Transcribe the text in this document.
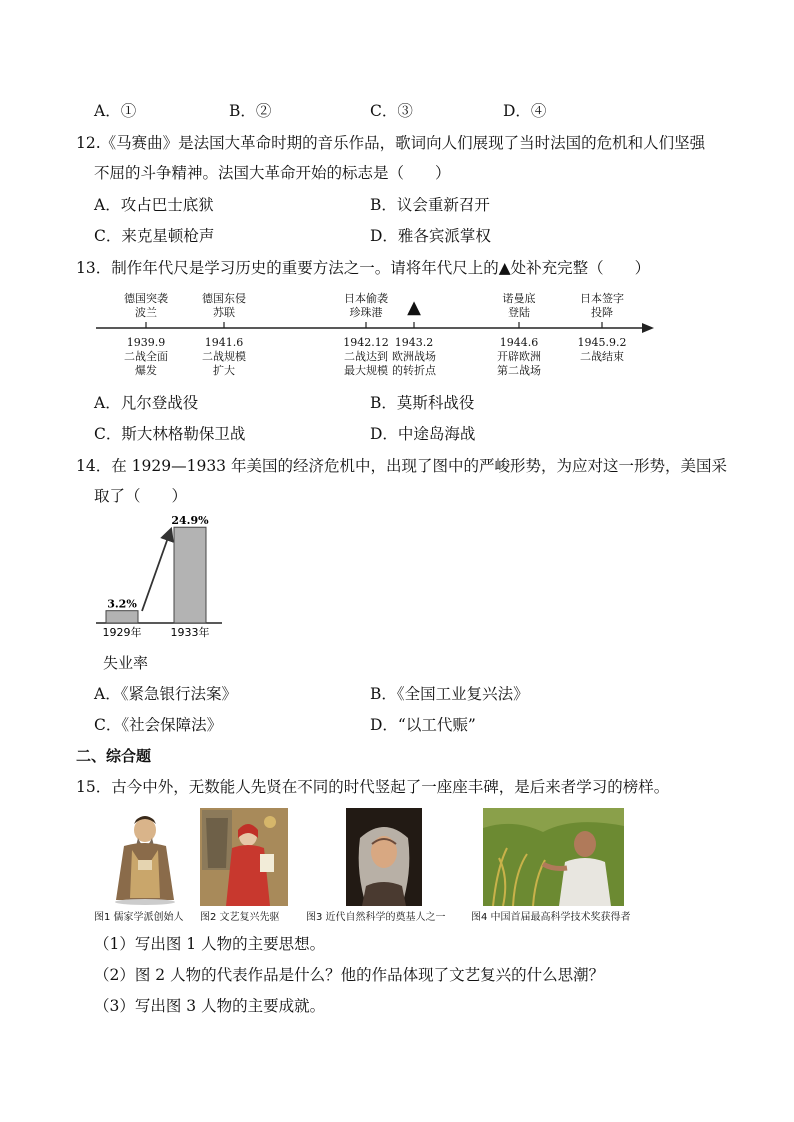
A．①	B．②	C．③	D．④
12.《马赛曲》是法国大革命时期的音乐作品，歌词向人们展现了当时法国的危机和人们坚强
不屈的斗争精神。法国大革命开始的标志是（　　）
A．攻占巴士底狱	B．议会重新召开
C．来克星顿枪声	D．雅各宾派掌权
13．制作年代尺是学习历史的重要方法之一。请将年代尺上的▲处补充完整（　　）
德国突袭
波兰
德国东侵
苏联
日本偷袭
珍珠港
诺曼底
登陆
日本签字
投降
▲
1939.9
二战全面
爆发
1941.6
二战规模
扩大
1942.12
二战达到
最大规模
1943.2
欧洲战场
的转折点
1944.6
开辟欧洲
第二战场
1945.9.2
二战结束
A．凡尔登战役	B．莫斯科战役
C．斯大林格勒保卫战	D．中途岛海战
14．在 1929—1933 年美国的经济危机中，出现了图中的严峻形势，为应对这一形势，美国采
取了（　　）
3.2%
1929年
24.9%
1933年
失业率
A．《紧急银行法案》	B．《全国工业复兴法》
C．《社会保障法》	D．“以工代赈”
二、综合题
15．古今中外，无数能人先贤在不同的时代竖起了一座座丰碑，是后来者学习的榜样。
图1 儒家学派创始人 图2 文艺复兴先驱	图3 近代自然科学的奠基人之一	图4 中国首届最高科学技术奖获得者
（1）写出图 1 人物的主要思想。
（2）图 2 人物的代表作品是什么？他的作品体现了文艺复兴的什么思潮？
（3）写出图 3 人物的主要成就。
